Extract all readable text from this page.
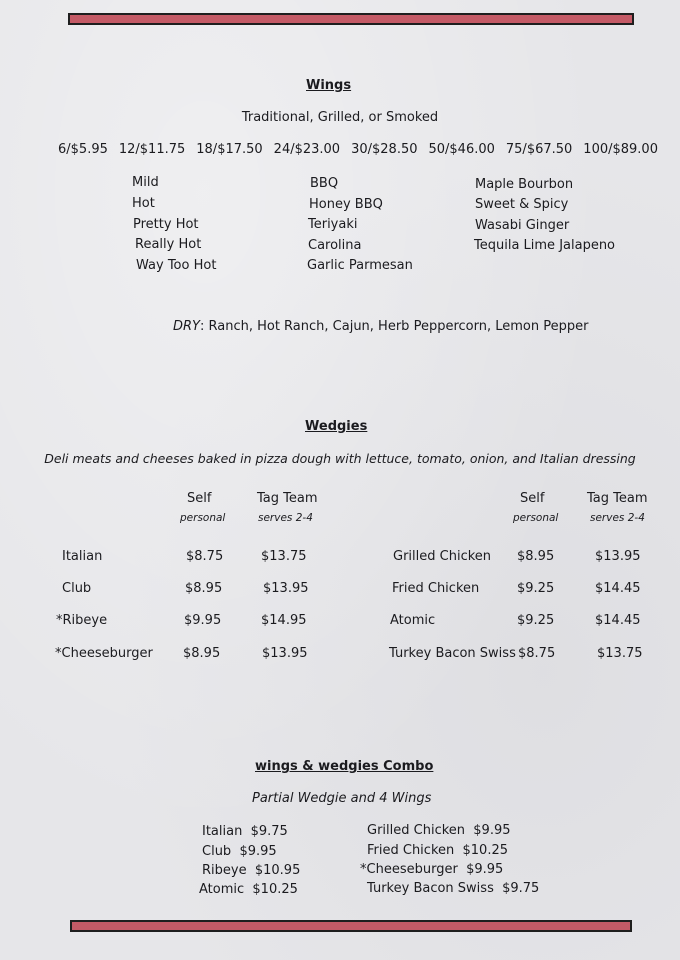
Wings
Traditional, Grilled, or Smoked
6/$5.95 12/$11.75 18/$17.50 24/$23.00 30/$28.50 50/$46.00 75/$67.50 100/$89.00
Mild
Hot
Pretty Hot
Really Hot
Way Too Hot
BBQ
Honey BBQ
Teriyaki
Carolina
Garlic Parmesan
Maple Bourbon
Sweet & Spicy
Wasabi Ginger
Tequila Lime Jalapeno
DRY: Ranch, Hot Ranch, Cajun, Herb Peppercorn, Lemon Pepper
Wedgies
Deli meats and cheeses baked in pizza dough with lettuce, tomato, onion, and Italian dressing
Self
personal
Tag Team
serves 2-4
Self
personal
Tag Team
serves 2-4
Italian	$8.75	$13.75
Club	$8.95	$13.95
*Ribeye	$9.95	$14.95
*Cheeseburger $8.95	$13.95
Grilled Chicken $8.95	$13.95
Fried Chicken	$9.25	$14.45
Atomic	$9.25	$14.45
Turkey Bacon Swiss $8.75	$13.75
wings & wedgies Combo
Partial Wedgie and 4 Wings
Italian $9.75
Club $9.95
Ribeye $10.95
Atomic $10.25
Grilled Chicken $9.95
Fried Chicken $10.25
*Cheeseburger $9.95
Turkey Bacon Swiss $9.75
